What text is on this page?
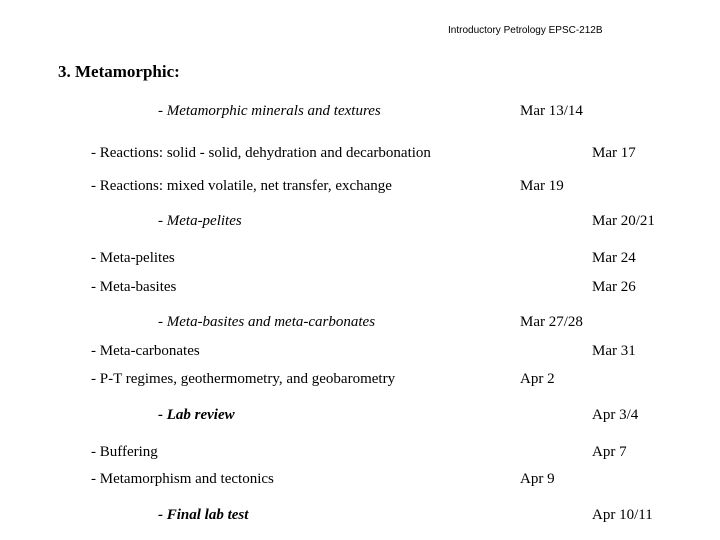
Introductory Petrology EPSC-212B
3. Metamorphic:
- Metamorphic minerals and textures	Mar 13/14
- Reactions: solid - solid, dehydration and decarbonation	Mar 17
- Reactions: mixed volatile, net transfer, exchange	Mar 19
- Meta-pelites	Mar 20/21
- Meta-pelites	Mar 24
- Meta-basites	Mar 26
- Meta-basites and meta-carbonates	Mar 27/28
- Meta-carbonates	Mar 31
- P-T regimes, geothermometry, and geobarometry	Apr 2
- Lab review	Apr 3/4
- Buffering	Apr 7
- Metamorphism and tectonics	Apr 9
- Final lab test	Apr 10/11
